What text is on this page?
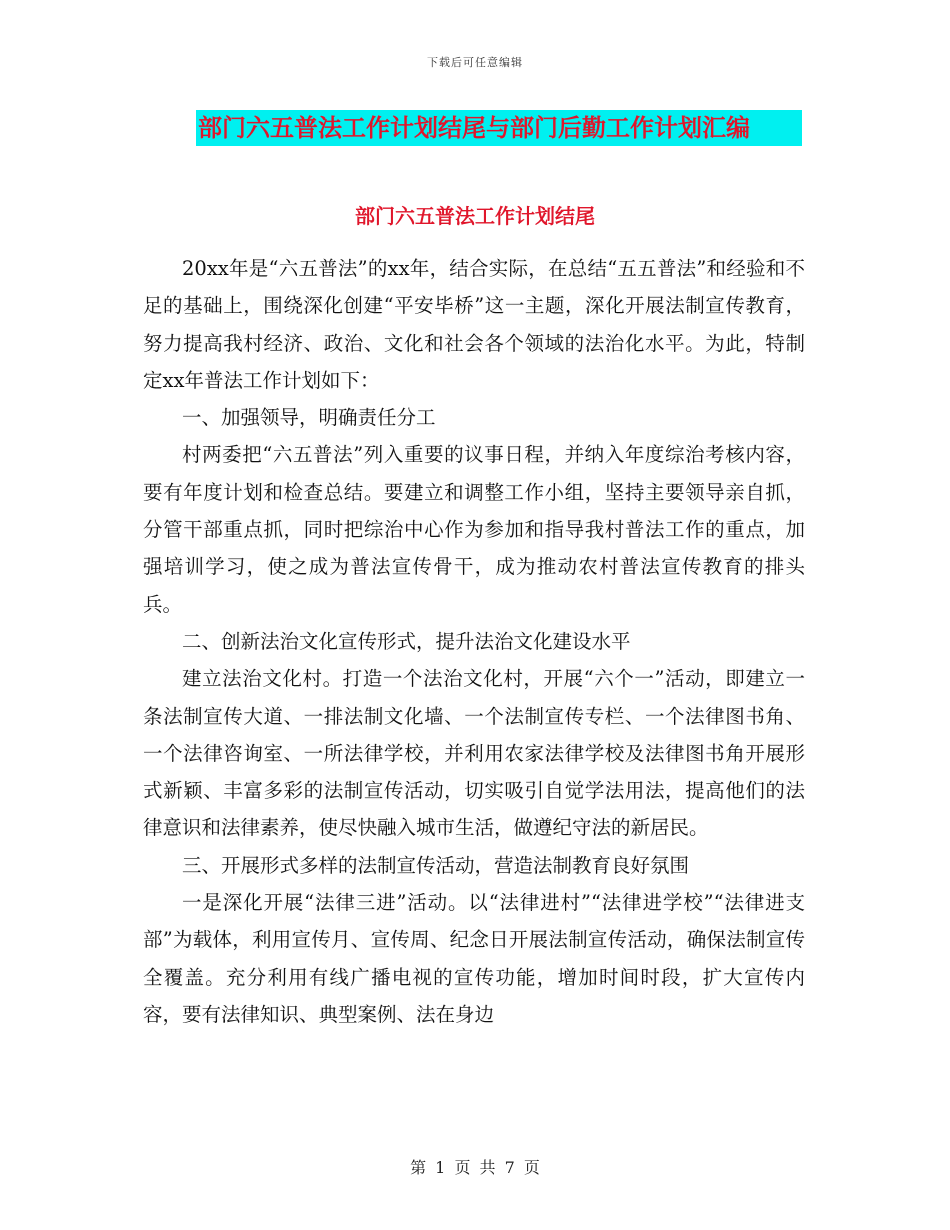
下载后可任意编辑
部门六五普法工作计划结尾与部门后勤工作计划汇编
部门六五普法工作计划结尾

20xx年是“六五普法”的xx年，结合实际，在总结“五五普法”和经验和不足的基础上，围绕深化创建“平安毕桥”这一主题，深化开展法制宣传教育，努力提高我村经济、政治、文化和社会各个领域的法治化水平。为此，特制定xx年普法工作计划如下：

一、加强领导，明确责任分工

村两委把“六五普法”列入重要的议事日程，并纳入年度综治考核内容，要有年度计划和检查总结。要建立和调整工作小组，坚持主要领导亲自抓，分管干部重点抓，同时把综治中心作为参加和指导我村普法工作的重点，加强培训学习，使之成为普法宣传骨干，成为推动农村普法宣传教育的排头兵。

二、创新法治文化宣传形式，提升法治文化建设水平

建立法治文化村。打造一个法治文化村，开展“六个一”活动，即建立一条法制宣传大道、一排法制文化墙、一个法制宣传专栏、一个法律图书角、一个法律咨询室、一所法律学校，并利用农家法律学校及法律图书角开展形式新颖、丰富多彩的法制宣传活动，切实吸引自觉学法用法，提高他们的法律意识和法律素养，使尽快融入城市生活，做遵纪守法的新居民。

三、开展形式多样的法制宣传活动，营造法制教育良好氛围

一是深化开展“法律三进”活动。以“法律进村”“法律进学校”“法律进支部”为载体，利用宣传月、宣传周、纪念日开展法制宣传活动，确保法制宣传全覆盖。充分利用有线广播电视的宣传功能，增加时间时段，扩大宣传内容，要有法律知识、典型案例、法在身边

第 1 页 共 7 页
